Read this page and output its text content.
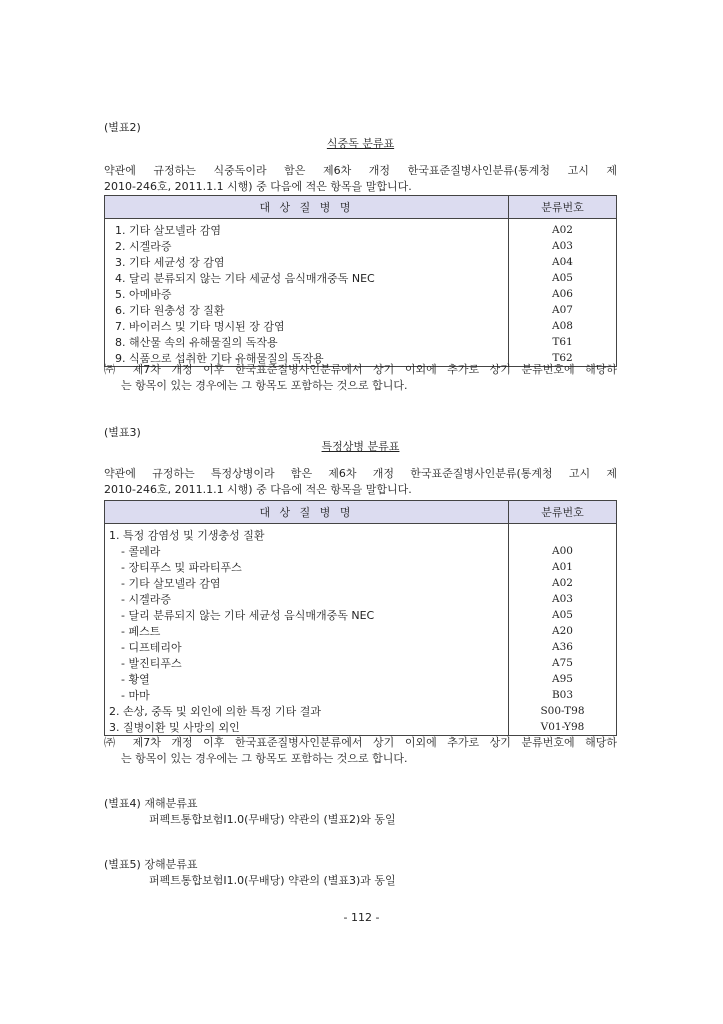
(별표2)
식중독 분류표
약관에 규정하는 식중독이라 함은 제6차 개정 한국표준질병사인분류(통계청 고시 제
2010-246호, 2011.1.1 시행) 중 다음에 적은 항목을 말합니다.
대 상 질 병 명	분류번호
1. 기타 살모넬라 감염	A02
2. 시겔라증	A03
3. 기타 세균성 장 감염	A04
4. 달리 분류되지 않는 기타 세균성 음식매개중독 NEC	A05
5. 아메바증	A06
6. 기타 원충성 장 질환	A07
7. 바이러스 및 기타 명시된 장 감염	A08
8. 해산물 속의 유해물질의 독작용	T61
9. 식품으로 섭취한 기타 유해물질의 독작용	T62
㈜ 제7차 개정 이후 한국표준질병사인분류에서 상기 이외에 추가로 상기 분류번호에 해당하
는 항목이 있는 경우에는 그 항목도 포함하는 것으로 합니다.
(별표3)
특정상병 분류표
약관에 규정하는 특정상병이라 함은 제6차 개정 한국표준질병사인분류(통계청 고시 제
2010-246호, 2011.1.1 시행) 중 다음에 적은 항목을 말합니다.
대 상 질 병 명	분류번호
1. 특정 감염성 및 기생충성 질환	
- 콜레라	A00
- 장티푸스 및 파라티푸스	A01
- 기타 살모넬라 감염	A02
- 시겔라증	A03
- 달리 분류되지 않는 기타 세균성 음식매개중독 NEC	A05
- 페스트	A20
- 디프테리아	A36
- 발진티푸스	A75
- 황열	A95
- 마마	B03
2. 손상, 중독 및 외인에 의한 특정 기타 결과	S00-T98
3. 질병이환 및 사망의 외인	V01-Y98
㈜ 제7차 개정 이후 한국표준질병사인분류에서 상기 이외에 추가로 상기 분류번호에 해당하
는 항목이 있는 경우에는 그 항목도 포함하는 것으로 합니다.
(별표4) 재해분류표
퍼펙트통합보험Ⅰ1.0(무배당) 약관의 (별표2)와 동일
(별표5) 장해분류표
퍼펙트통합보험Ⅰ1.0(무배당) 약관의 (별표3)과 동일
- 112 -
